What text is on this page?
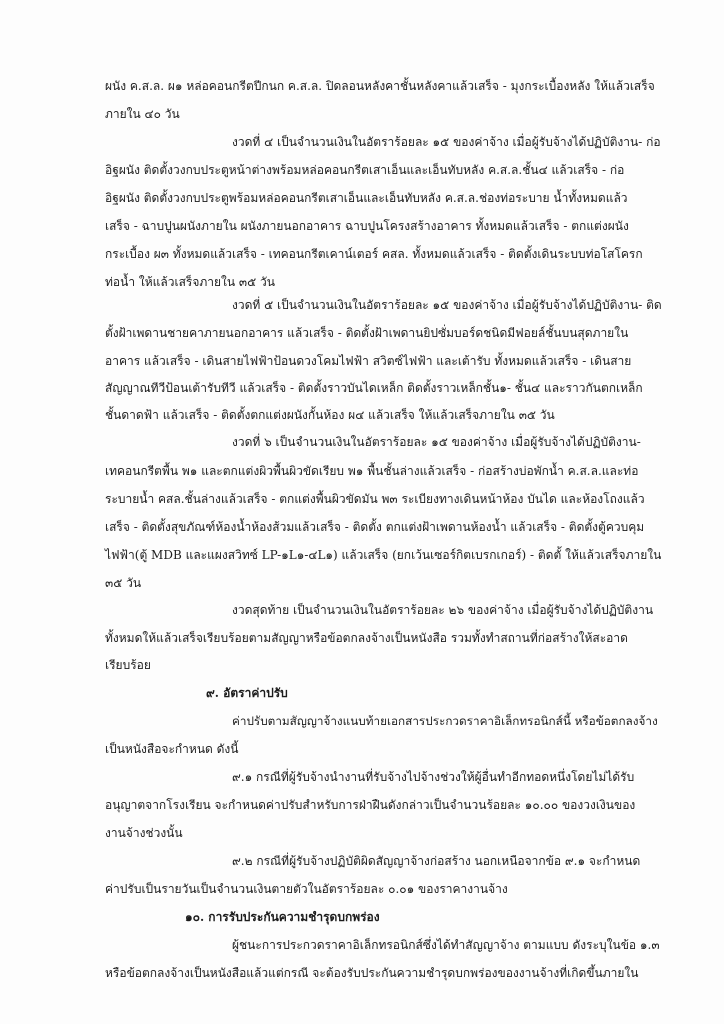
ผนัง ค.ส.ล. ผ๑ หล่อคอนกรีตปีกนก ค.ส.ล. ปิดลอนหลังคาชั้นหลังคาแล้วเสร็จ - มุงกระเบื้องหลัง ให้แล้วเสร็จ
ภายใน ๔๐ วัน
งวดที่ ๔ เป็นจำนวนเงินในอัตราร้อยละ ๑๕ ของค่าจ้าง เมื่อผู้รับจ้างได้ปฏิบัติงาน- ก่อ
อิฐผนัง ติดตั้งวงกบประตูหน้าต่างพร้อมหล่อคอนกรีตเสาเอ็นและเอ็นทับหลัง ค.ส.ล.ชั้น๔ แล้วเสร็จ - ก่อ
อิฐผนัง ติดตั้งวงกบประตูพร้อมหล่อคอนกรีตเสาเอ็นและเอ็นทับหลัง ค.ส.ล.ช่องท่อระบาย น้ำทั้งหมดแล้ว
เสร็จ - ฉาบปูนผนังภายใน ผนังภายนอกอาคาร ฉาบปูนโครงสร้างอาคาร ทั้งหมดแล้วเสร็จ - ตกแต่งผนัง
กระเบื้อง ผ๓ ทั้งหมดแล้วเสร็จ - เทคอนกรีตเคาน์เตอร์ คสล. ทั้งหมดแล้วเสร็จ - ติดตั้งเดินระบบท่อโสโครก
ท่อน้ำ ให้แล้วเสร็จภายใน ๓๕ วัน
งวดที่ ๕ เป็นจำนวนเงินในอัตราร้อยละ ๑๕ ของค่าจ้าง เมื่อผู้รับจ้างได้ปฏิบัติงาน- ติด
ตั้งฝ้าเพดานชายคาภายนอกอาคาร แล้วเสร็จ - ติดตั้งฝ้าเพดานยิปซั่มบอร์ดชนิดมีฟอยล์ชั้นบนสุดภายใน
อาคาร แล้วเสร็จ - เดินสายไฟฟ้าป้อนดวงโคมไฟฟ้า สวิตซ์ไฟฟ้า และเต้ารับ ทั้งหมดแล้วเสร็จ - เดินสาย
สัญญาณทีวีป้อนเต้ารับทีวี แล้วเสร็จ - ติดตั้งราวบันไดเหล็ก ติดตั้งราวเหล็กชั้น๑- ชั้น๔ และราวกันตกเหล็ก
ชั้นดาดฟ้า แล้วเสร็จ - ติดตั้งตกแต่งผนังกั้นห้อง ผ๔ แล้วเสร็จ ให้แล้วเสร็จภายใน ๓๕ วัน
งวดที่ ๖ เป็นจำนวนเงินในอัตราร้อยละ ๑๕ ของค่าจ้าง เมื่อผู้รับจ้างได้ปฏิบัติงาน-
เทคอนกรีตพื้น พ๑ และตกแต่งผิวพื้นผิวขัดเรียบ พ๑ พื้นชั้นล่างแล้วเสร็จ - ก่อสร้างบ่อพักน้ำ ค.ส.ล.และท่อ
ระบายน้ำ คสล.ชั้นล่างแล้วเสร็จ - ตกแต่งพื้นผิวขัดมัน พ๓ ระเบียงทางเดินหน้าห้อง บันได และห้องโถงแล้ว
เสร็จ - ติดตั้งสุขภัณฑ์ห้องน้ำห้องส้วมแล้วเสร็จ - ติดตั้ง ตกแต่งฝ้าเพดานห้องน้ำ แล้วเสร็จ - ติดตั้งตู้ควบคุม
ไฟฟ้า(ตู้ MDB และแผงสวิทซ์ LP-๑L๑-๔L๑) แล้วเสร็จ (ยกเว้นเซอร์กิตเบรกเกอร์) - ติดตั้ ให้แล้วเสร็จภายใน
๓๕ วัน
งวดสุดท้าย เป็นจำนวนเงินในอัตราร้อยละ ๒๖ ของค่าจ้าง เมื่อผู้รับจ้างได้ปฏิบัติงาน
ทั้งหมดให้แล้วเสร็จเรียบร้อยตามสัญญาหรือข้อตกลงจ้างเป็นหนังสือ รวมทั้งทำสถานที่ก่อสร้างให้สะอาด
เรียบร้อย
๙. อัตราค่าปรับ
ค่าปรับตามสัญญาจ้างแนบท้ายเอกสารประกวดราคาอิเล็กทรอนิกส์นี้ หรือข้อตกลงจ้าง
เป็นหนังสือจะกำหนด ดังนี้
๙.๑ กรณีที่ผู้รับจ้างนำงานที่รับจ้างไปจ้างช่วงให้ผู้อื่นทำอีกทอดหนึ่งโดยไม่ได้รับ
อนุญาตจากโรงเรียน จะกำหนดค่าปรับสำหรับการฝ่าฝืนดังกล่าวเป็นจำนวนร้อยละ ๑๐.๐๐ ของวงเงินของ
งานจ้างช่วงนั้น
๙.๒ กรณีที่ผู้รับจ้างปฏิบัติผิดสัญญาจ้างก่อสร้าง นอกเหนือจากข้อ ๙.๑ จะกำหนด
ค่าปรับเป็นรายวันเป็นจำนวนเงินตายตัวในอัตราร้อยละ ๐.๐๑ ของราคางานจ้าง
๑๐. การรับประกันความชำรุดบกพร่อง
ผู้ชนะการประกวดราคาอิเล็กทรอนิกส์ซึ่งได้ทำสัญญาจ้าง ตามแบบ ดังระบุในข้อ ๑.๓
หรือข้อตกลงจ้างเป็นหนังสือแล้วแต่กรณี จะต้องรับประกันความชำรุดบกพร่องของงานจ้างที่เกิดขึ้นภายใน
